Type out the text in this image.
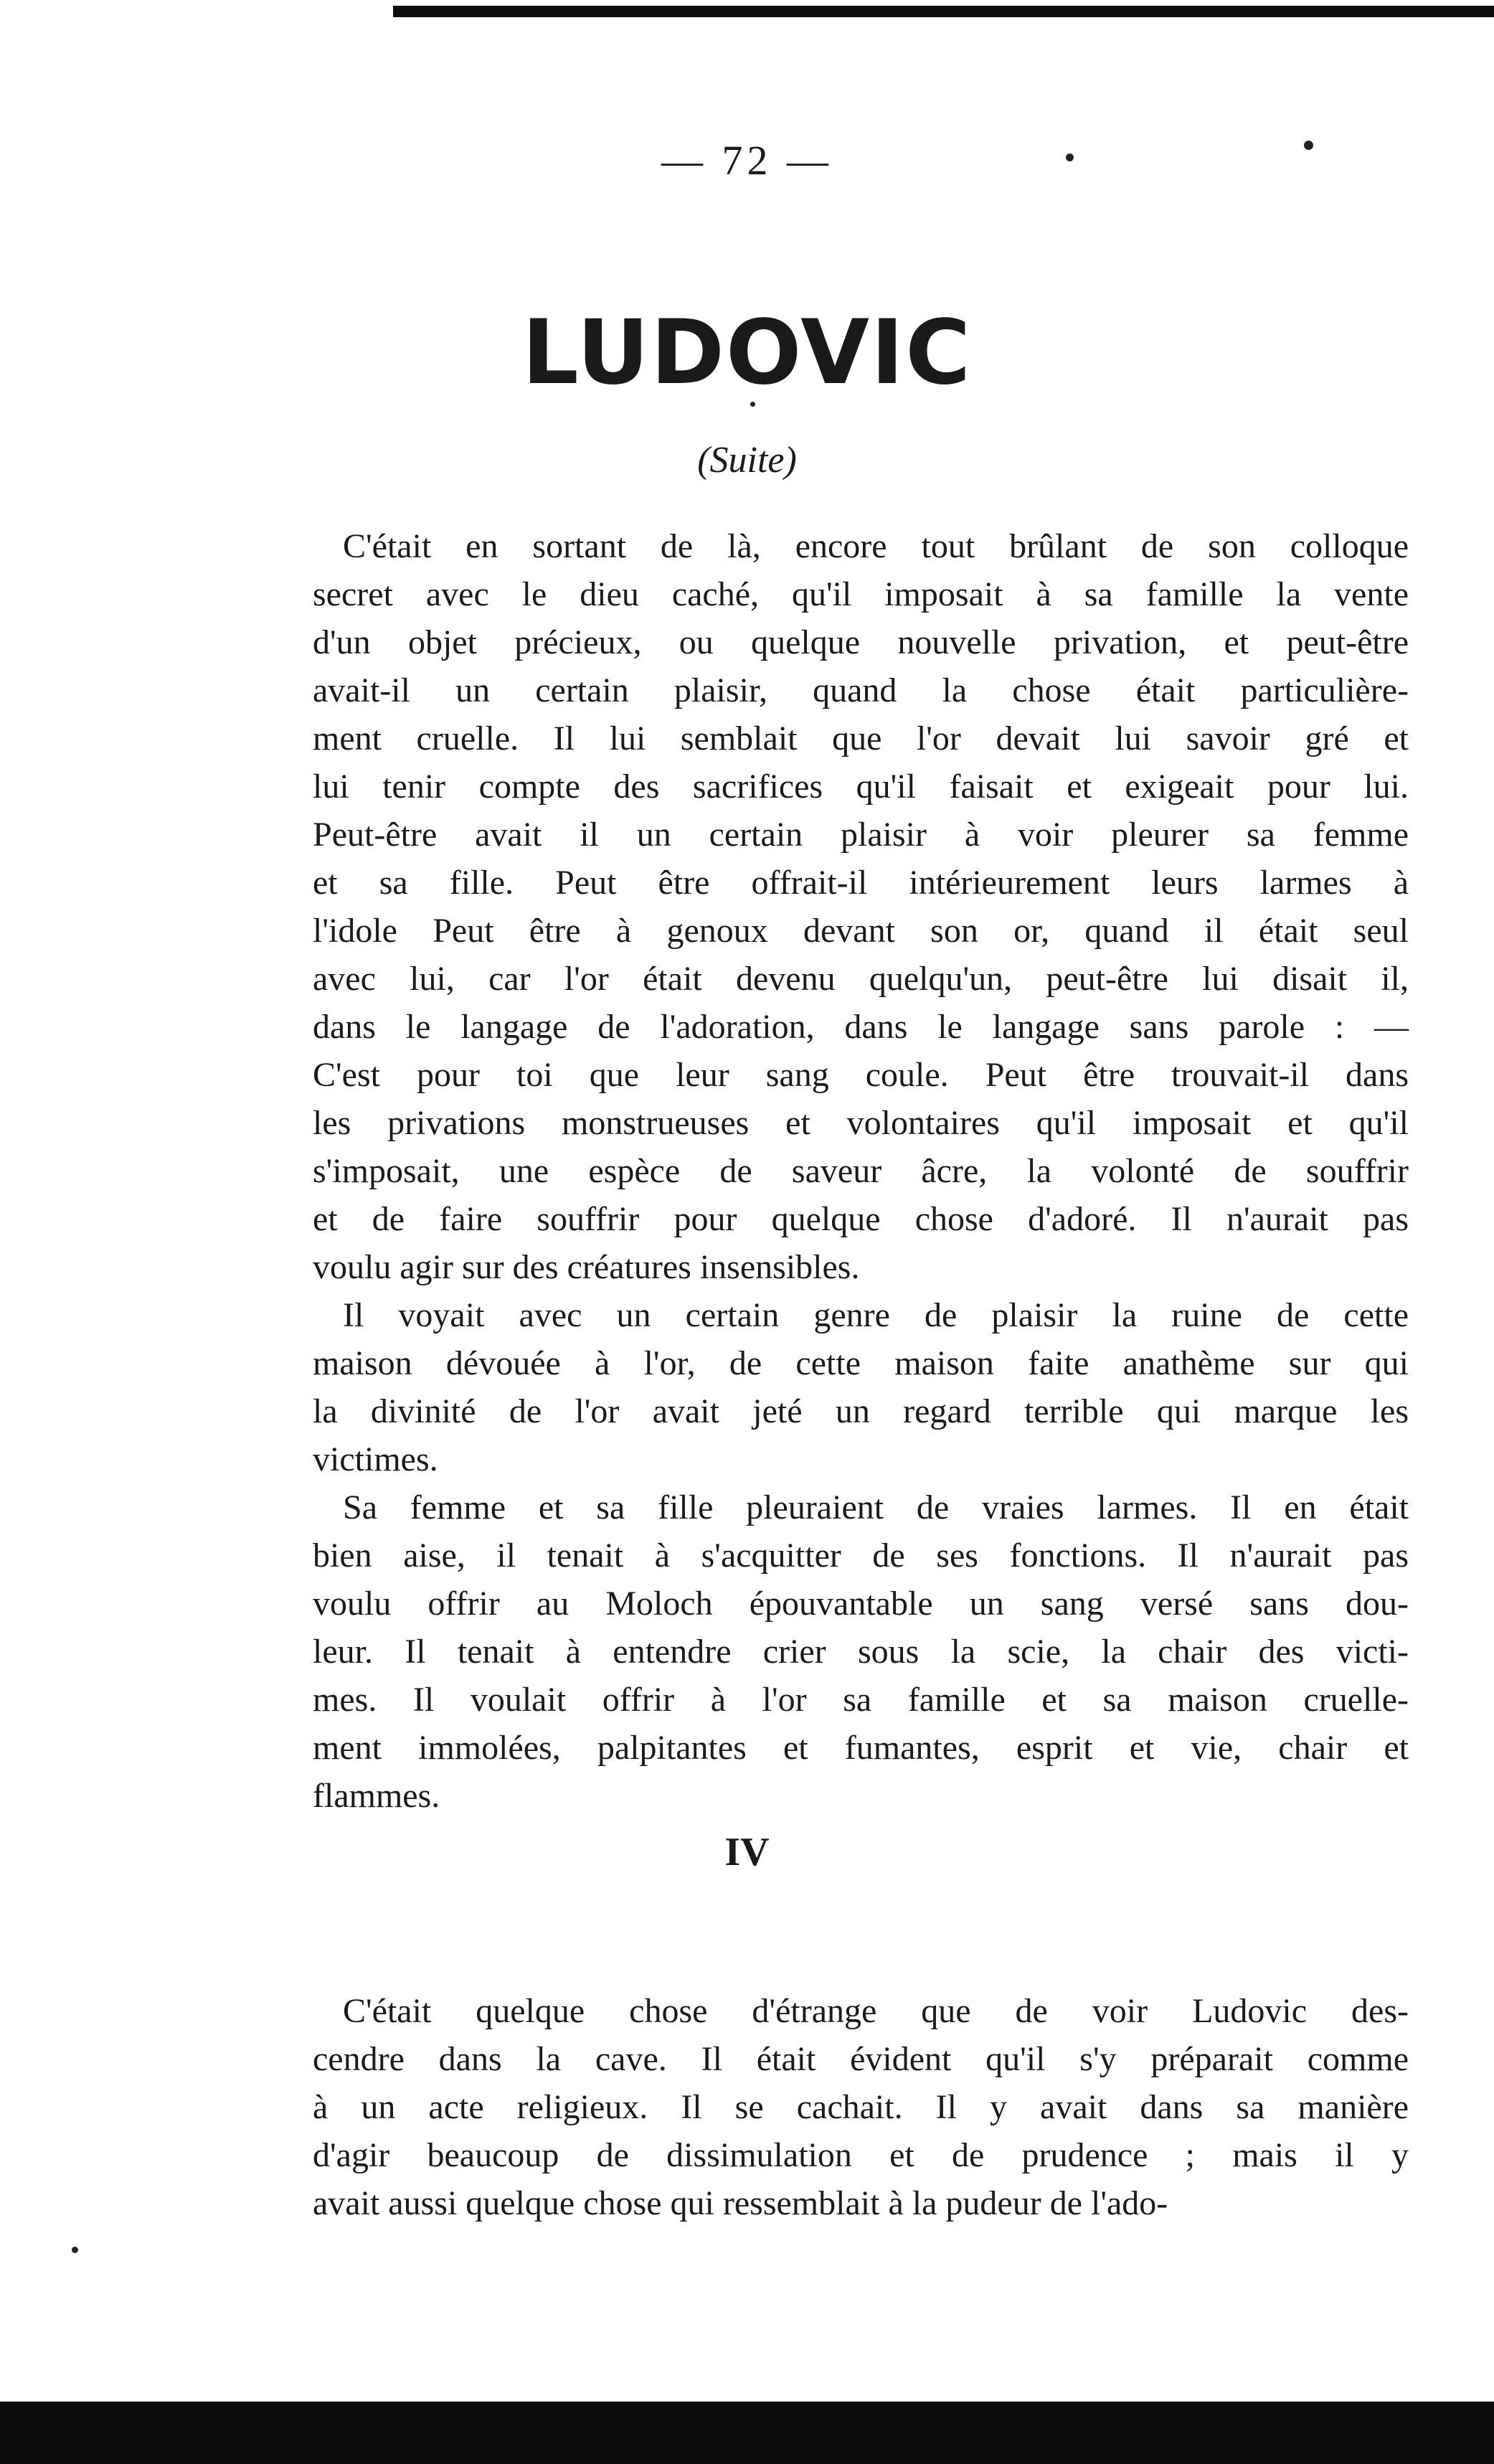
— 72 —
LUDOVIC
(Suite)

C'était en sortant de là, encore tout brûlant de son colloque
secret avec le dieu caché, qu'il imposait à sa famille la vente
d'un objet précieux, ou quelque nouvelle privation, et peut-être
avait-il un certain plaisir, quand la chose était particulière-
ment cruelle. Il lui semblait que l'or devait lui savoir gré et
lui tenir compte des sacrifices qu'il faisait et exigeait pour lui.
Peut-être avait il un certain plaisir à voir pleurer sa femme
et sa fille. Peut être offrait-il intérieurement leurs larmes à
l'idole Peut être à genoux devant son or, quand il était seul
avec lui, car l'or était devenu quelqu'un, peut-être lui disait il,
dans le langage de l'adoration, dans le langage sans parole : —
C'est pour toi que leur sang coule. Peut être trouvait-il dans
les privations monstrueuses et volontaires qu'il imposait et qu'il
s'imposait, une espèce de saveur âcre, la volonté de souffrir
et de faire souffrir pour quelque chose d'adoré. Il n'aurait pas
voulu agir sur des créatures insensibles.

Il voyait avec un certain genre de plaisir la ruine de cette
maison dévouée à l'or, de cette maison faite anathème sur qui
la divinité de l'or avait jeté un regard terrible qui marque les
victimes.

Sa femme et sa fille pleuraient de vraies larmes. Il en était
bien aise, il tenait à s'acquitter de ses fonctions. Il n'aurait pas
voulu offrir au Moloch épouvantable un sang versé sans dou-
leur. Il tenait à entendre crier sous la scie, la chair des victi-
mes. Il voulait offrir à l'or sa famille et sa maison cruelle-
ment immolées, palpitantes et fumantes, esprit et vie, chair et
flammes.

IV

C'était quelque chose d'étrange que de voir Ludovic des-
cendre dans la cave. Il était évident qu'il s'y préparait comme
à un acte religieux. Il se cachait. Il y avait dans sa manière
d'agir beaucoup de dissimulation et de prudence ; mais il y
avait aussi quelque chose qui ressemblait à la pudeur de l'ado-
